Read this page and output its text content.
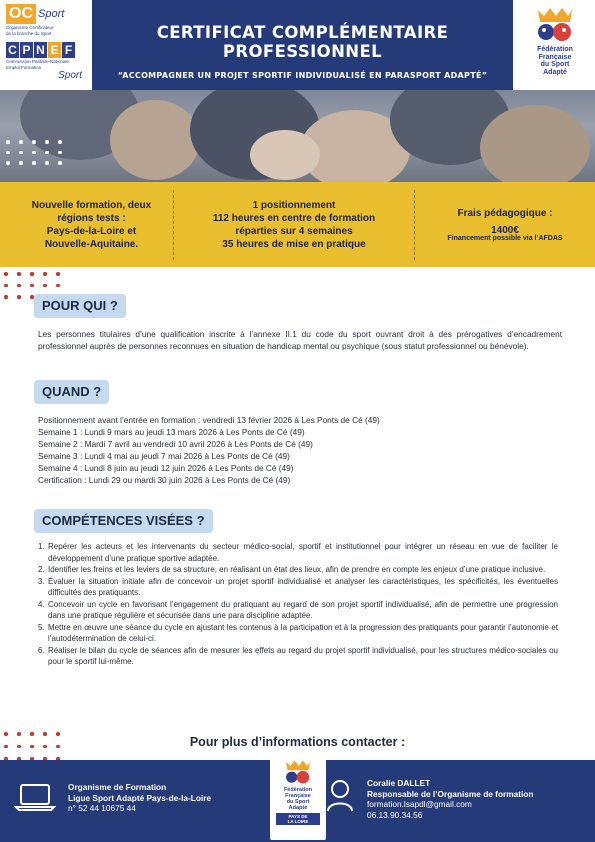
OC Sport
Organisme Certificateur
de la branche du Sport
C P N E F
Commission Paritaire Nationale
Emploi Formation
Sport
CERTIFICAT COMPLÉMENTAIRE PROFESSIONNEL
“ACCOMPAGNER UN PROJET SPORTIF INDIVIDUALISÉ EN PARASPORT ADAPTÉ”
Fédération
Française
du Sport
Adapté
Nouvelle formation, deux
régions tests :
Pays-de-la-Loire et
Nouvelle-Aquitaine.
1 positionnement
112 heures en centre de formation
réparties sur 4 semaines
35 heures de mise en pratique
Frais pédagogique :
1400€
Financement possible via l’AFDAS
POUR QUI ?
Les personnes titulaires d’une qualification inscrite à l’annexe II.1 du code du sport ouvrant droit à des prérogatives d’encadrement professionnel auprès de personnes reconnues en situation de handicap mental ou psychique (sous statut professionnel ou bénévole).
QUAND ?
Positionnement avant l’entrée en formation : vendredi 13 février 2026 à Les Ponts de Cé (49)
Semaine 1 : Lundi 9 mars au jeudi 13 mars 2026 à Les Ponts de Cé (49)
Semaine 2 : Mardi 7 avril au vendredi 10 avril 2026 à Les Ponts de Cé (49)
Semaine 3 : Lundi 4 mai au jeudi 7 mai 2026 à Les Ponts de Cé (49)
Semaine 4 : Lundi 8 juin au jeudi 12 juin 2026 à Les Ponts de Cé (49)
Certification : Lundi 29 ou mardi 30 juin 2026 à Les Ponts de Cé (49)
COMPÉTENCES VISÉES ?
1. Repérer les acteurs et les intervenants du secteur médico-social, sportif et institutionnel pour intégrer un réseau en vue de faciliter le développement d’une pratique sportive adaptée.
2. Identifier les freins et les leviers de sa structure, en réalisant un état des lieux, afin de prendre en compte les enjeux d’une pratique inclusive.
3. Évaluer la situation initiale afin de concevoir un projet sportif individualisé et analyser les caractéristiques, les spécificités, les éventuelles difficultés des pratiquants.
4. Concevoir un cycle en favorisant l’engagement du pratiquant au regard de son projet sportif individualisé, afin de permettre une progression dans une pratique régulière et sécurisée dans une para discipline adaptée.
5. Mettre en œuvre une séance du cycle en ajustant les contenus à la participation et à la progression des pratiquants pour garantir l’autonomie et l’autodétermination de celui-ci.
6. Réaliser le bilan du cycle de séances afin de mesurer les effets au regard du projet sportif individualisé, pour les structures médico-sociales ou pour le sportif lui-même.
Pour plus d’informations contacter :
Organisme de Formation
Ligue Sport Adapté Pays-de-la-Loire
n° 52 44 10675 44
Fédération
Française
du Sport
Adapté
PAYS DE
LA LOIRE
Coralie DALLET
Responsable de l’Organisme de formation
formation.lsapdl@gmail.com
06.13.90.34.56
